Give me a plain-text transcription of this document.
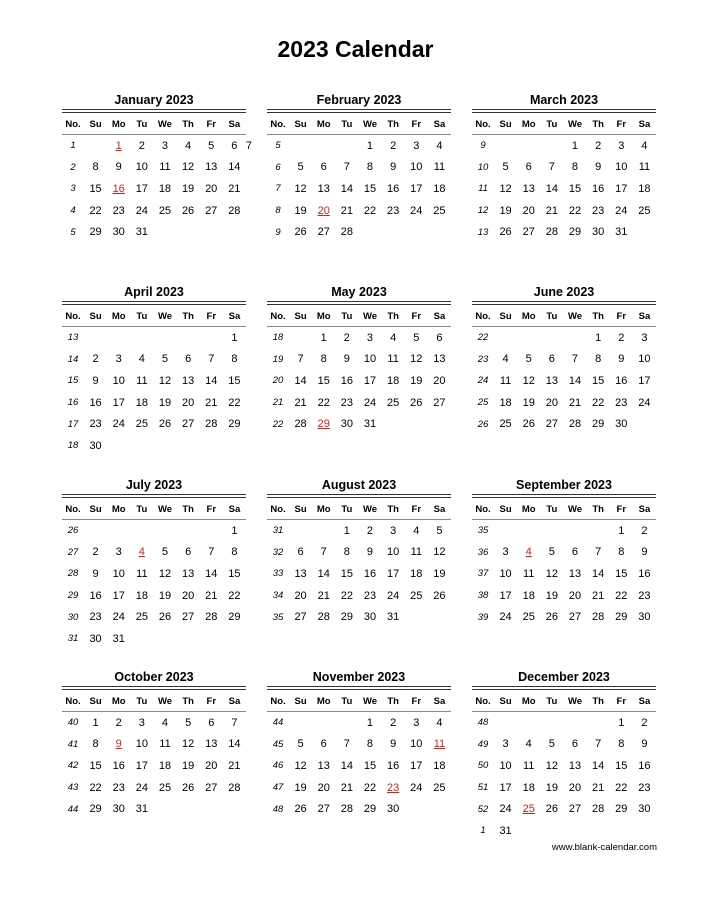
2023 Calendar
January 2023
No.	Su	Mo	Tu	We	Th	Fr	Sa	
1		1	2	3	4	5	6	7
2	8	9	10	11	12	13	14	
3	15	16	17	18	19	20	21	
4	22	23	24	25	26	27	28	
5	29	30	31					
February 2023
No.	Su	Mo	Tu	We	Th	Fr	Sa
5				1	2	3	4
6	5	6	7	8	9	10	11
7	12	13	14	15	16	17	18
8	19	20	21	22	23	24	25
9	26	27	28				
March 2023
No.	Su	Mo	Tu	We	Th	Fr	Sa
9				1	2	3	4
10	5	6	7	8	9	10	11
11	12	13	14	15	16	17	18
12	19	20	21	22	23	24	25
13	26	27	28	29	30	31	
April 2023
No.	Su	Mo	Tu	We	Th	Fr	Sa
13							1
14	2	3	4	5	6	7	8
15	9	10	11	12	13	14	15
16	16	17	18	19	20	21	22
17	23	24	25	26	27	28	29
18	30						
May 2023
No.	Su	Mo	Tu	We	Th	Fr	Sa
18		1	2	3	4	5	6
19	7	8	9	10	11	12	13
20	14	15	16	17	18	19	20
21	21	22	23	24	25	26	27
22	28	29	30	31			
June 2023
No.	Su	Mo	Tu	We	Th	Fr	Sa
22					1	2	3
23	4	5	6	7	8	9	10
24	11	12	13	14	15	16	17
25	18	19	20	21	22	23	24
26	25	26	27	28	29	30	
July 2023
No.	Su	Mo	Tu	We	Th	Fr	Sa
26							1
27	2	3	4	5	6	7	8
28	9	10	11	12	13	14	15
29	16	17	18	19	20	21	22
30	23	24	25	26	27	28	29
31	30	31					
August 2023
No.	Su	Mo	Tu	We	Th	Fr	Sa
31			1	2	3	4	5
32	6	7	8	9	10	11	12
33	13	14	15	16	17	18	19
34	20	21	22	23	24	25	26
35	27	28	29	30	31		
September 2023
No.	Su	Mo	Tu	We	Th	Fr	Sa
35						1	2
36	3	4	5	6	7	8	9
37	10	11	12	13	14	15	16
38	17	18	19	20	21	22	23
39	24	25	26	27	28	29	30
October 2023
No.	Su	Mo	Tu	We	Th	Fr	Sa
40	1	2	3	4	5	6	7
41	8	9	10	11	12	13	14
42	15	16	17	18	19	20	21
43	22	23	24	25	26	27	28
44	29	30	31				
November 2023
No.	Su	Mo	Tu	We	Th	Fr	Sa
44				1	2	3	4
45	5	6	7	8	9	10	11
46	12	13	14	15	16	17	18
47	19	20	21	22	23	24	25
48	26	27	28	29	30		
December 2023
No.	Su	Mo	Tu	We	Th	Fr	Sa
48						1	2
49	3	4	5	6	7	8	9
50	10	11	12	13	14	15	16
51	17	18	19	20	21	22	23
52	24	25	26	27	28	29	30
1	31						
www.blank-calendar.com
